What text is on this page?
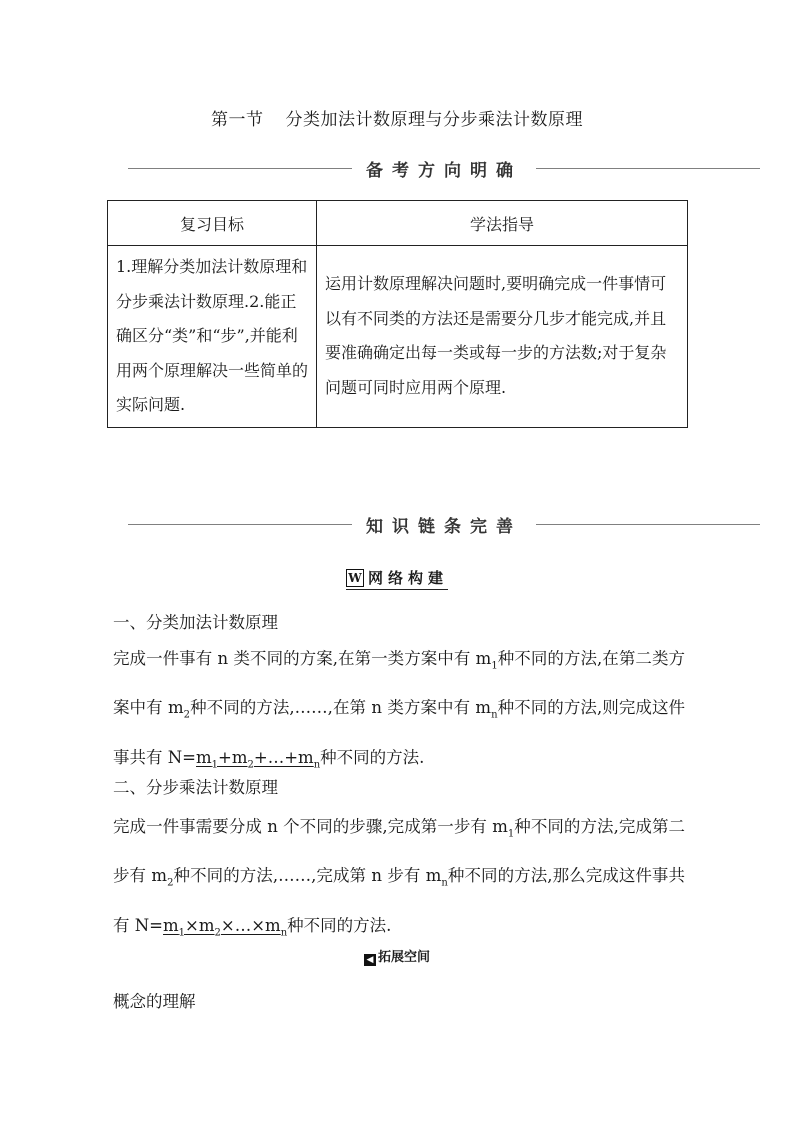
第一节 分类加法计数原理与分步乘法计数原理
备考方向明确
复习目标	学法指导
1.理解分类加法计数原理和分步乘法计数原理.2.能正确区分“类”和“步”,并能利用两个原理解决一些简单的实际问题.	运用计数原理解决问题时,要明确完成一件事情可以有不同类的方法还是需要分几步才能完成,并且要准确确定出每一类或每一步的方法数;对于复杂问题可同时应用两个原理.
知识链条完善
W 网络构建
一、分类加法计数原理
完成一件事有 n 类不同的方案,在第一类方案中有 $m_1$种不同的方法,在第二类方案中有 $m_2$种不同的方法,……,在第 n 类方案中有 $m_n$种不同的方法,则完成这件事共有 $N=m_1+m_2+\dots+m_n$种不同的方法.
二、分步乘法计数原理
完成一件事需要分成 n 个不同的步骤,完成第一步有 $m_1$种不同的方法,完成第二步有 $m_2$种不同的方法,……,完成第 n 步有 $m_n$种不同的方法,那么完成这件事共有 $N=m_1\times m_2\times\dots\times m_n$种不同的方法.
◀ 拓展空间
概念的理解
